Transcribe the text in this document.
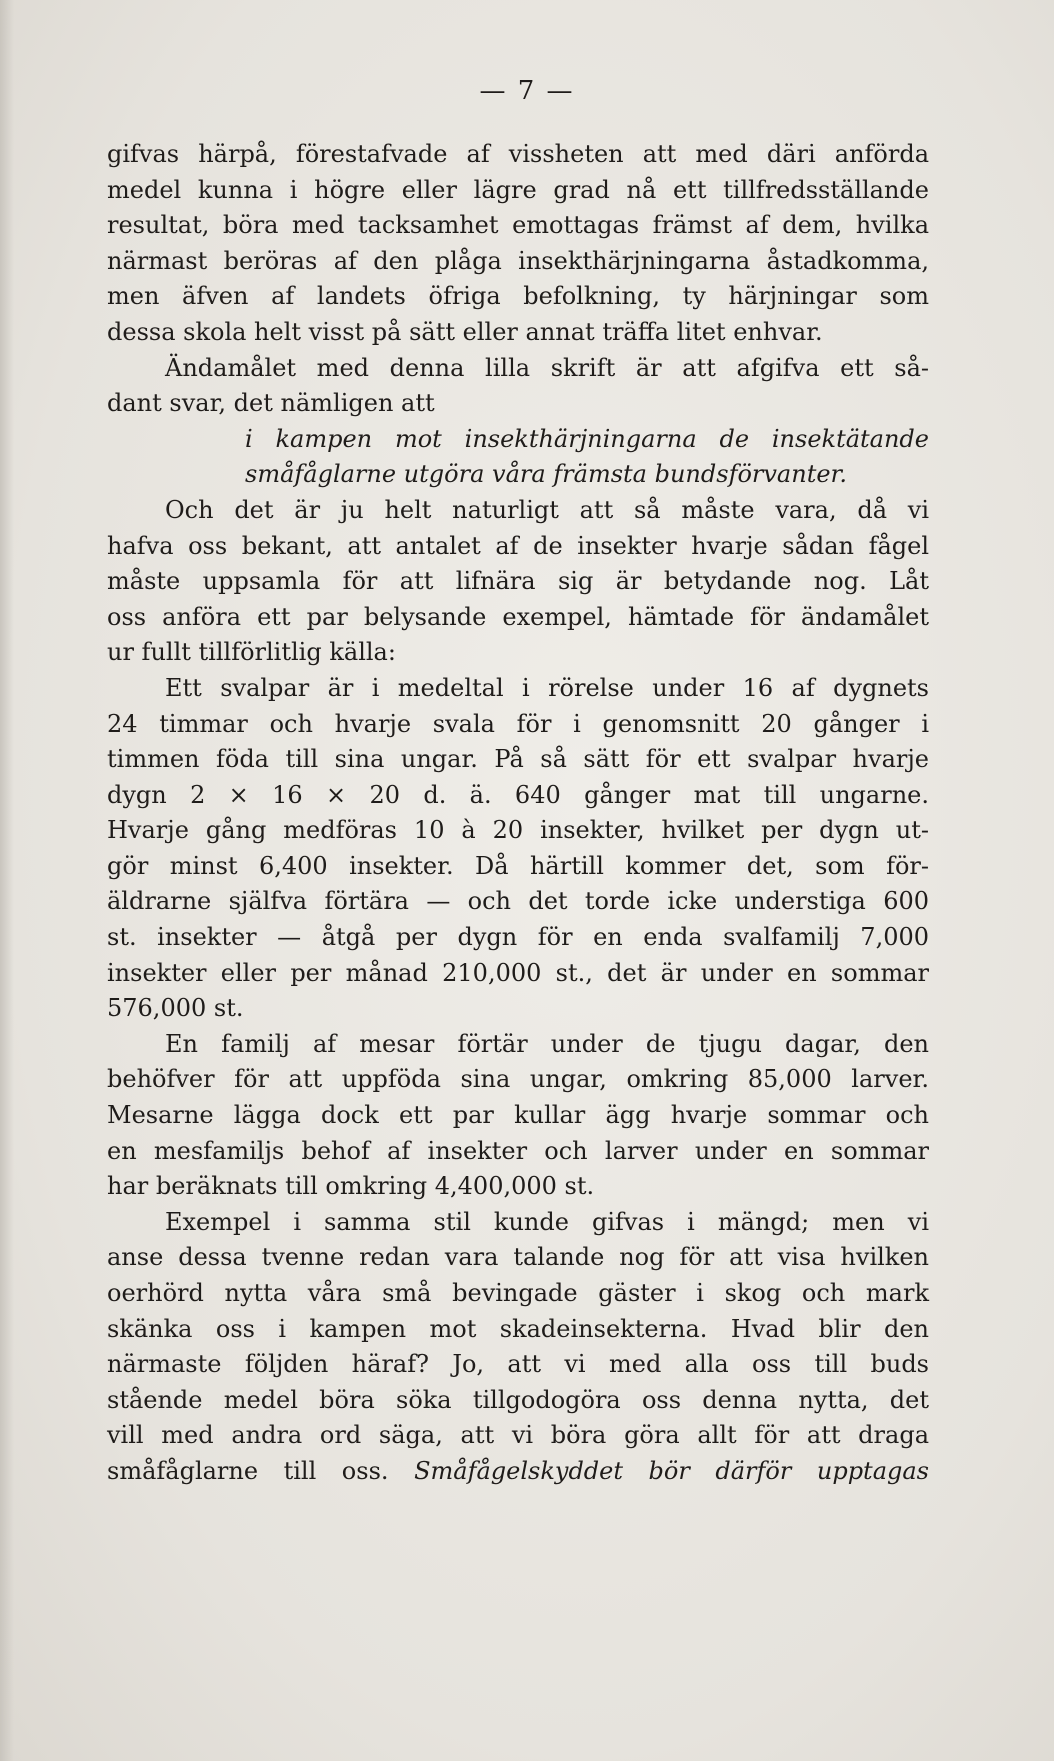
— 7 —
gifvas härpå, förestafvade af vissheten att med däri anförda
medel kunna i högre eller lägre grad nå ett tillfredsställande
resultat, böra med tacksamhet emottagas främst af dem, hvilka
närmast beröras af den plåga insekthärjningarna åstadkomma,
men äfven af landets öfriga befolkning, ty härjningar som
dessa skola helt visst på sätt eller annat träffa litet enhvar.
Ändamålet med denna lilla skrift är att afgifva ett så-
dant svar, det nämligen att
i kampen mot insekthärjningarna de insektätande
småfåglarne utgöra våra främsta bundsförvanter.
Och det är ju helt naturligt att så måste vara, då vi
hafva oss bekant, att antalet af de insekter hvarje sådan fågel
måste uppsamla för att lifnära sig är betydande nog. Låt
oss anföra ett par belysande exempel, hämtade för ändamålet
ur fullt tillförlitlig källa:
Ett svalpar är i medeltal i rörelse under 16 af dygnets
24 timmar och hvarje svala för i genomsnitt 20 gånger i
timmen föda till sina ungar. På så sätt för ett svalpar hvarje
dygn 2 × 16 × 20 d. ä. 640 gånger mat till ungarne.
Hvarje gång medföras 10 à 20 insekter, hvilket per dygn ut-
gör minst 6,400 insekter. Då härtill kommer det, som för-
äldrarne själfva förtära — och det torde icke understiga 600
st. insekter — åtgå per dygn för en enda svalfamilj 7,000
insekter eller per månad 210,000 st., det är under en sommar
576,000 st.
En familj af mesar förtär under de tjugu dagar, den
behöfver för att uppföda sina ungar, omkring 85,000 larver.
Mesarne lägga dock ett par kullar ägg hvarje sommar och
en mesfamiljs behof af insekter och larver under en sommar
har beräknats till omkring 4,400,000 st.
Exempel i samma stil kunde gifvas i mängd; men vi
anse dessa tvenne redan vara talande nog för att visa hvilken
oerhörd nytta våra små bevingade gäster i skog och mark
skänka oss i kampen mot skadeinsekterna. Hvad blir den
närmaste följden häraf? Jo, att vi med alla oss till buds
stående medel böra söka tillgodogöra oss denna nytta, det
vill med andra ord säga, att vi böra göra allt för att draga
småfåglarne till oss. Småfågelskyddet bör därför upptagas
